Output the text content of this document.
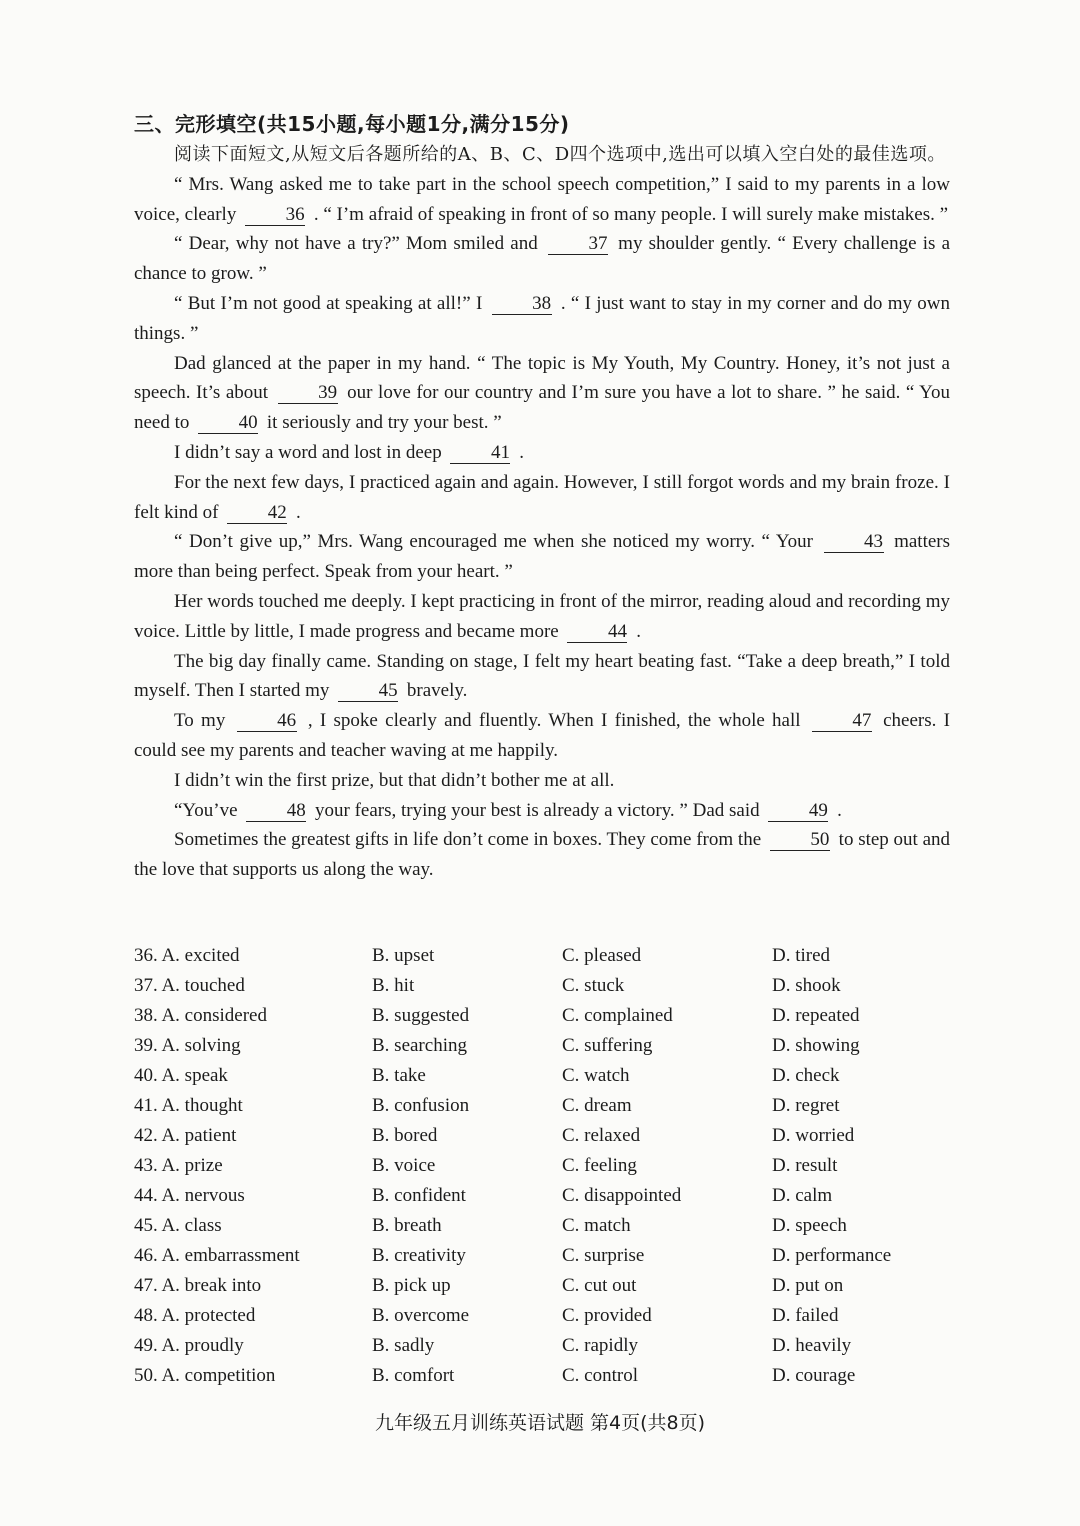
三、完形填空(共15小题,每小题1分,满分15分)

阅读下面短文,从短文后各题所给的A、B、C、D四个选项中,选出可以填入空白处的最佳选项。

“ Mrs. Wang asked me to take part in the school speech competition,” I said to my parents in a low voice, clearly	36 . “ I’m afraid of speaking in front of so many people. I will surely make mistakes. ”

“ Dear, why not have a try?” Mom smiled and	37 my shoulder gently. “ Every challenge is a chance to grow. ”

“ But I’m not good at speaking at all!” I	38 . “ I just want to stay in my corner and do my own things. ”

Dad glanced at the paper in my hand. “ The topic is My Youth, My Country. Honey, it’s not just a speech. It’s about	39 our love for our country and I’m sure you have a lot to share. ” he said. “ You need to	40 it seriously and try your best. ”

I didn’t say a word and lost in deep	41 .

For the next few days, I practiced again and again. However, I still forgot words and my brain froze. I felt kind of	42 .

“ Don’t give up,” Mrs. Wang encouraged me when she noticed my worry. “ Your	43 matters more than being perfect. Speak from your heart. ”

Her words touched me deeply. I kept practicing in front of the mirror, reading aloud and recording my voice. Little by little, I made progress and became more	44 .

The big day finally came. Standing on stage, I felt my heart beating fast. “Take a deep breath,” I told myself. Then I started my	45 bravely.

To my	46 , I spoke clearly and fluently. When I finished, the whole hall	47 cheers. I could see my parents and teacher waving at me happily.

I didn’t win the first prize, but that didn’t bother me at all.

“You’ve	48 your fears, trying your best is already a victory. ” Dad said	49 .

Sometimes the greatest gifts in life don’t come in boxes. They come from the	50 to step out and the love that supports us along the way.

36. A. excited	B. upset	C. pleased	D. tired
37. A. touched	B. hit	C. stuck	D. shook
38. A. considered	B. suggested	C. complained	D. repeated
39. A. solving	B. searching	C. suffering	D. showing
40. A. speak	B. take	C. watch	D. check
41. A. thought	B. confusion	C. dream	D. regret
42. A. patient	B. bored	C. relaxed	D. worried
43. A. prize	B. voice	C. feeling	D. result
44. A. nervous	B. confident	C. disappointed	D. calm
45. A. class	B. breath	C. match	D. speech
46. A. embarrassment	B. creativity	C. surprise	D. performance
47. A. break into	B. pick up	C. cut out	D. put on
48. A. protected	B. overcome	C. provided	D. failed
49. A. proudly	B. sadly	C. rapidly	D. heavily
50. A. competition	B. comfort	C. control	D. courage
九年级五月训练英语试题 第4页(共8页)
